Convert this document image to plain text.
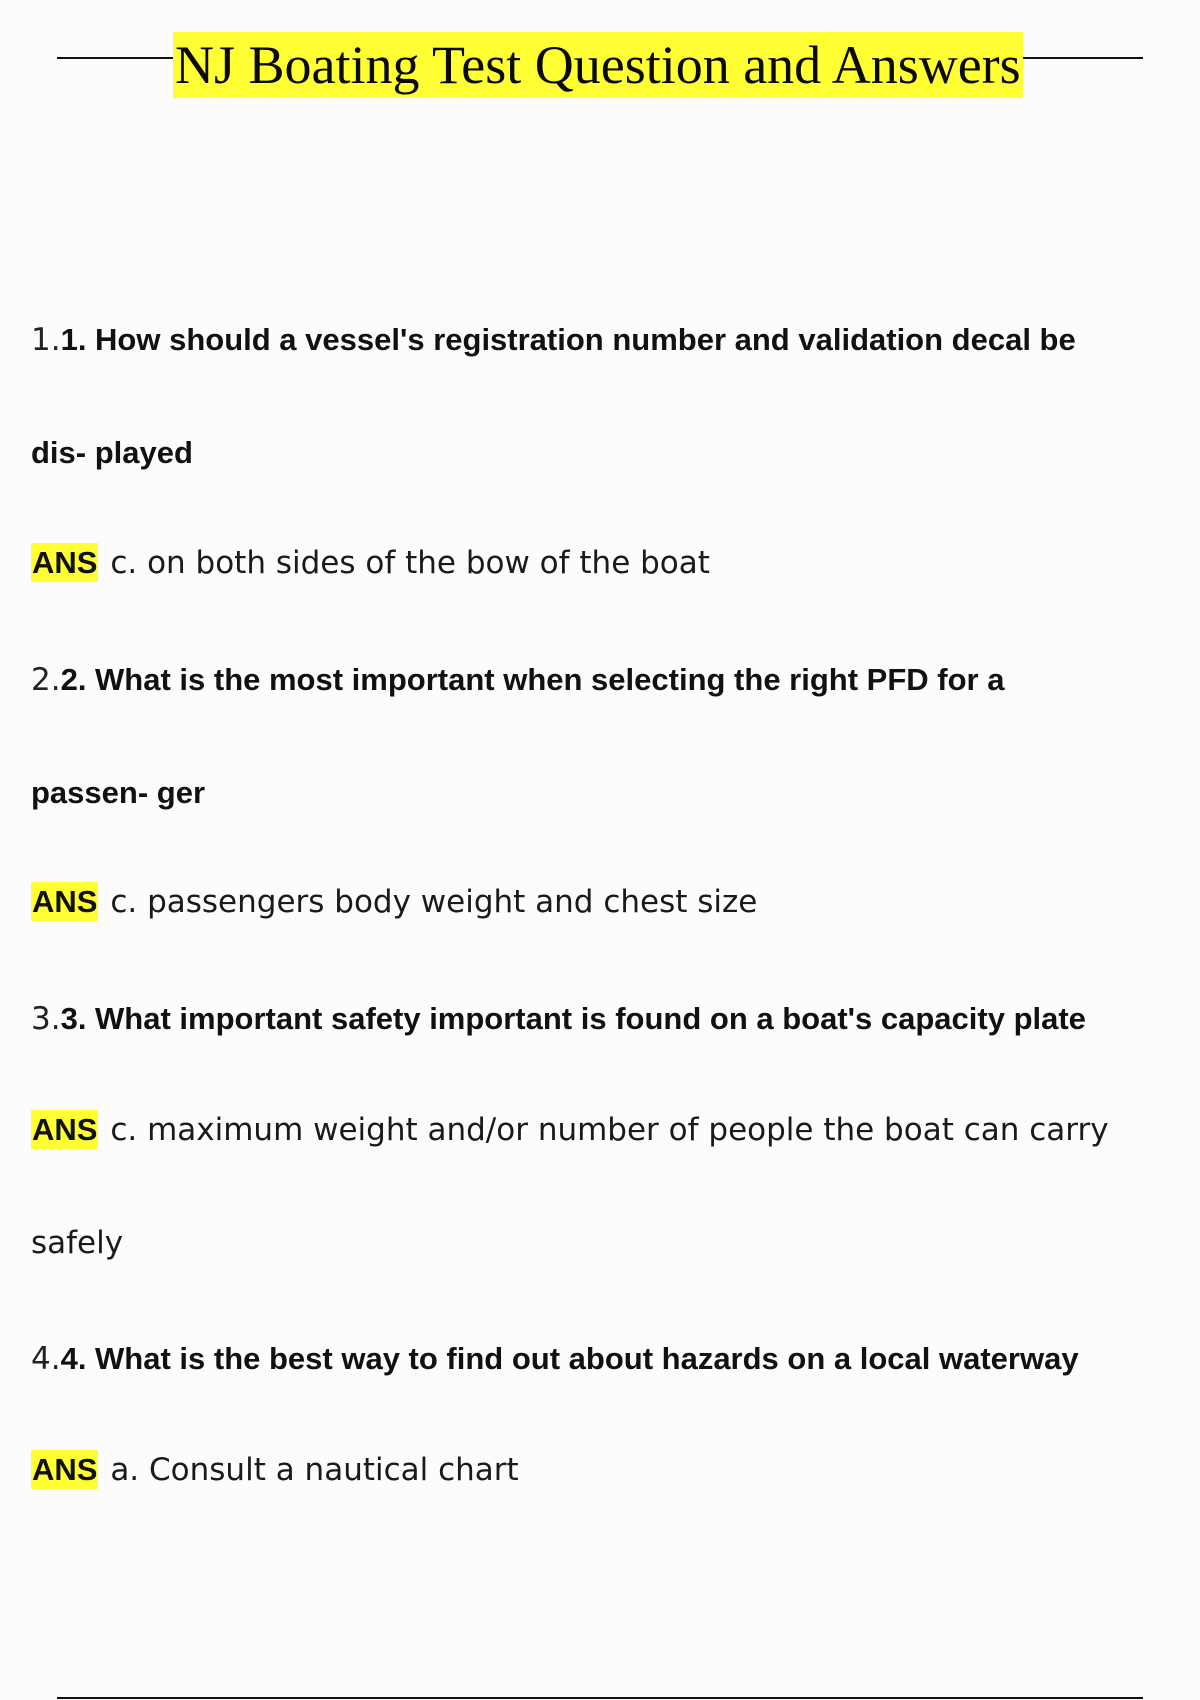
NJ Boating Test Question and Answers
1.1. How should a vessel's registration number and validation decal be
dis- played
ANS c. on both sides of the bow of the boat
2.2. What is the most important when selecting the right PFD for a
passen- ger
ANS c. passengers body weight and chest size
3.3. What important safety important is found on a boat's capacity plate
ANS c. maximum weight and/or number of people the boat can carry
safely
4.4. What is the best way to find out about hazards on a local waterway
ANS a. Consult a nautical chart
